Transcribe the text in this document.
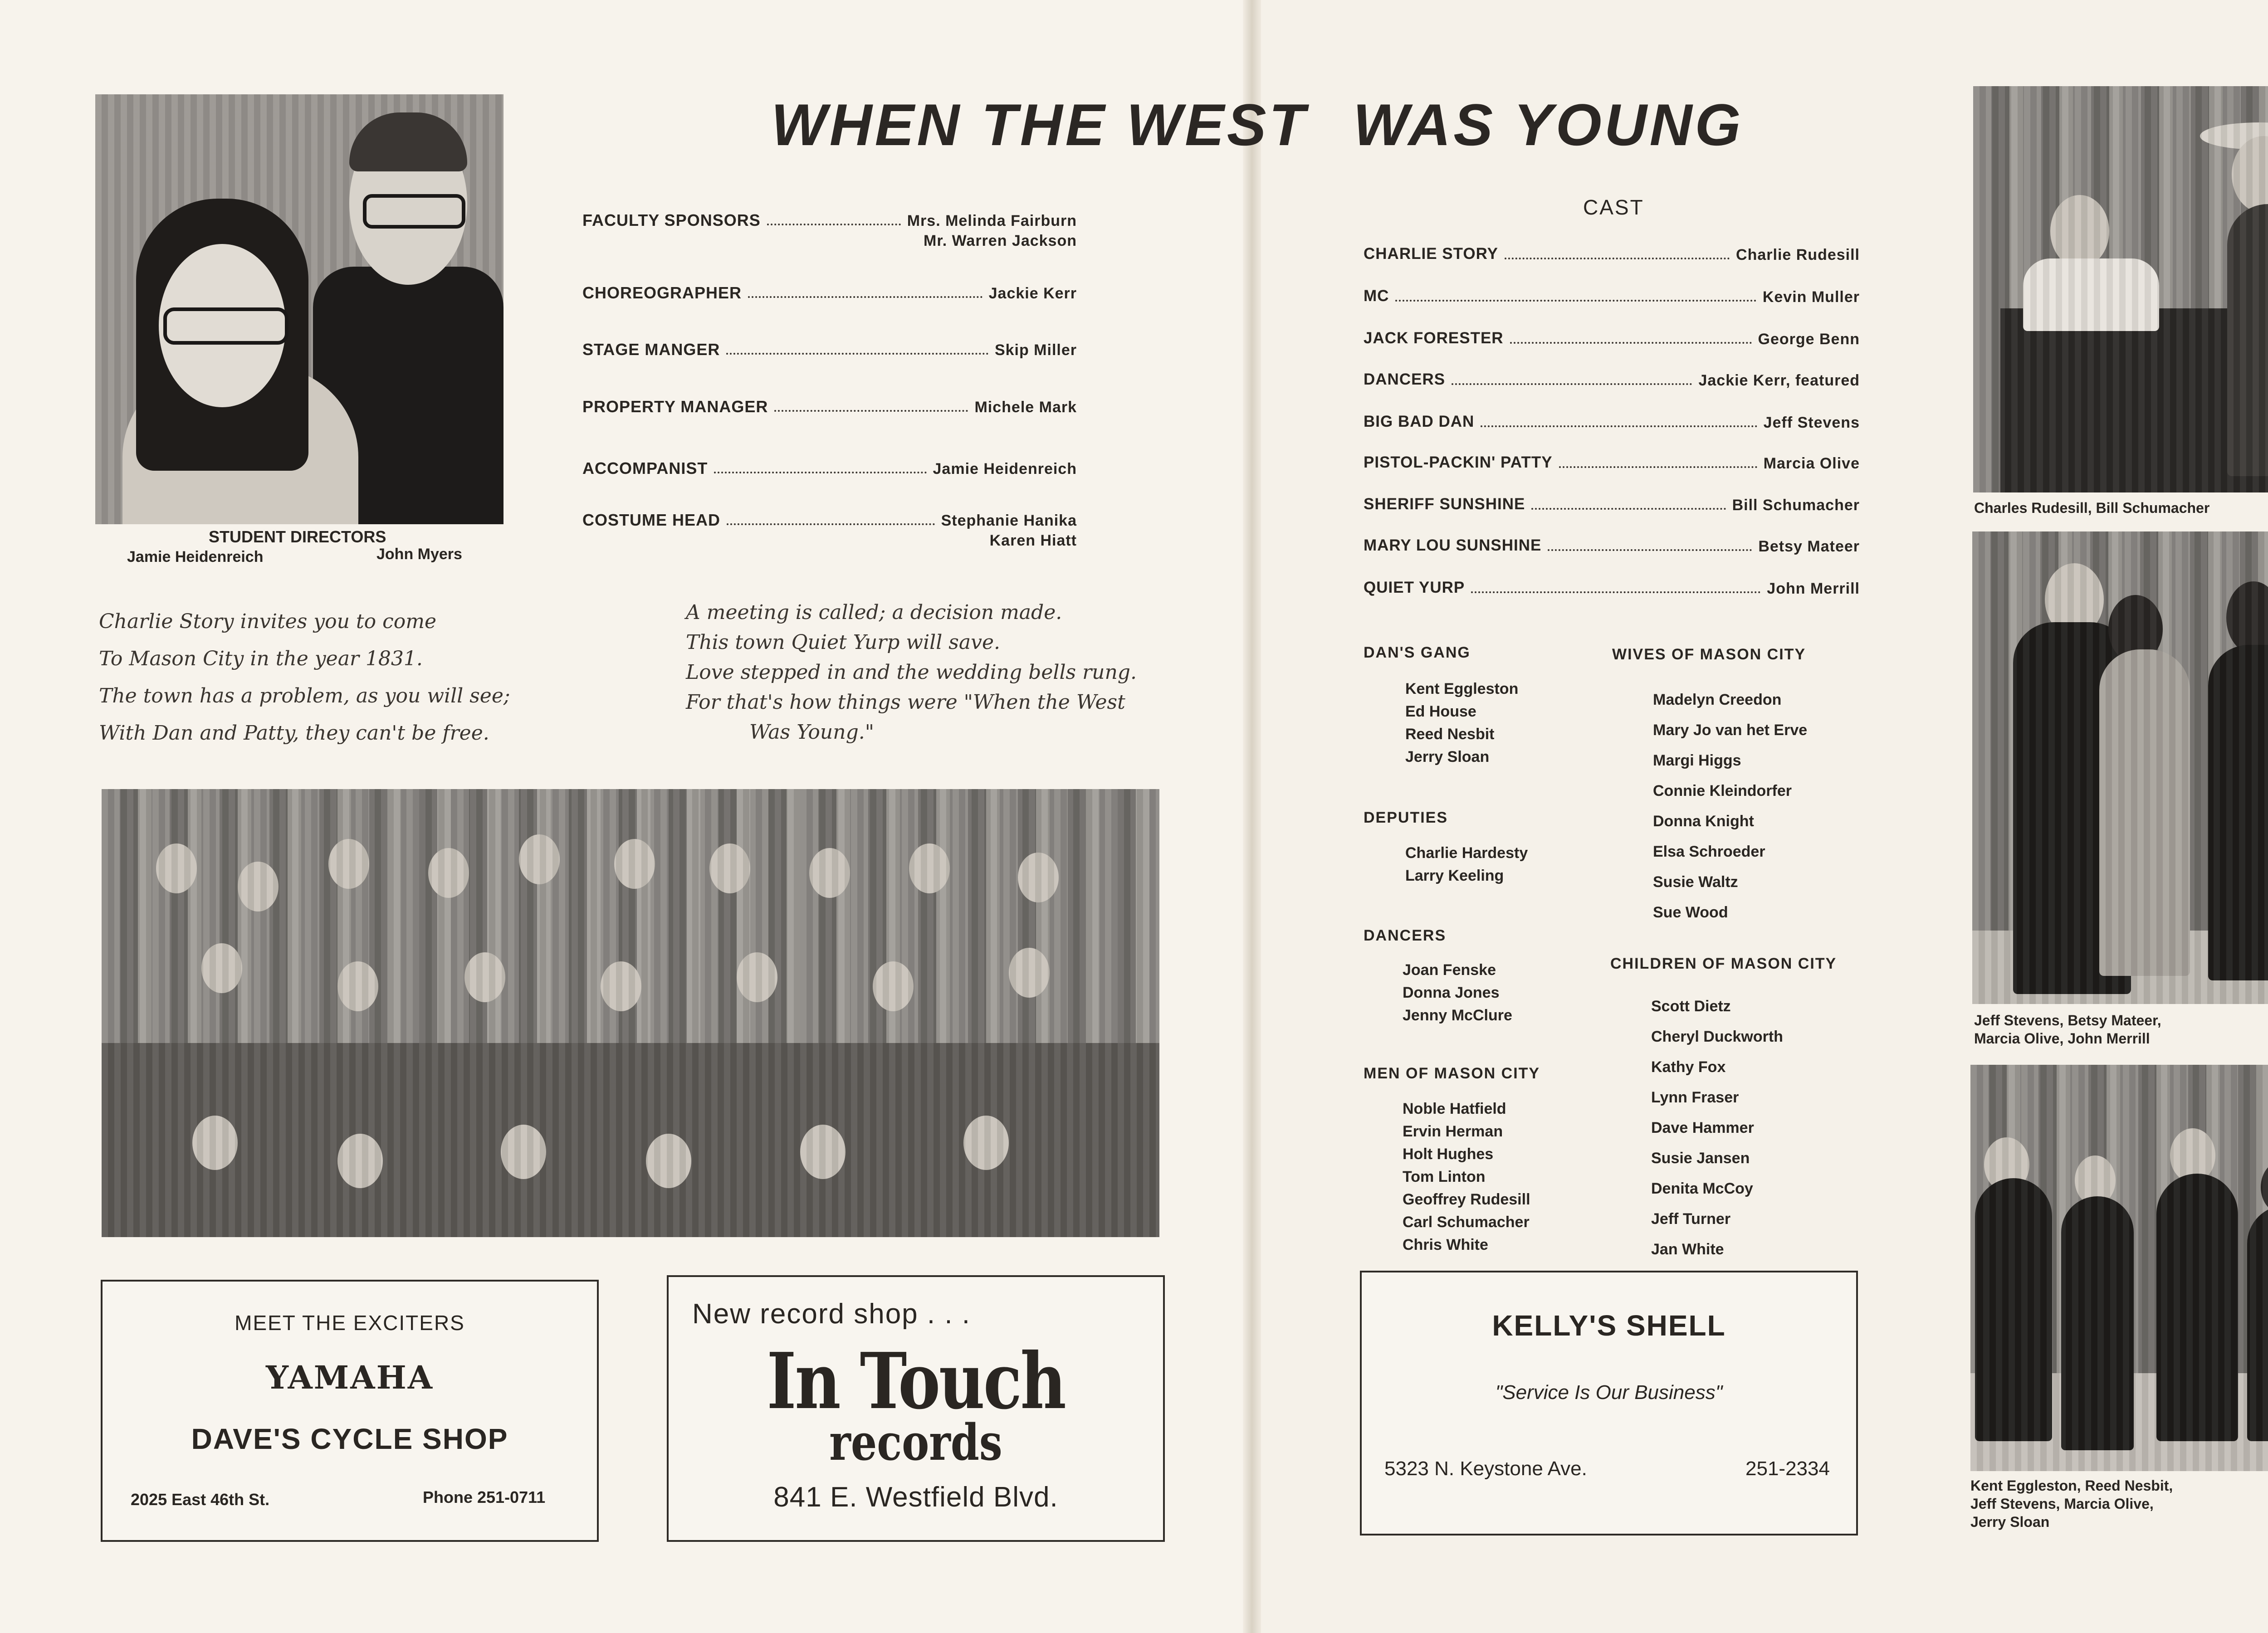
WHEN THE WEST WAS YOUNG
STUDENT DIRECTORS
Jamie Heidenreich	John Myers
FACULTY SPONSORS	Mrs. Melinda Fairburn
Mr. Warren Jackson
CHOREOGRAPHER	Jackie Kerr
STAGE MANGER	Skip Miller
PROPERTY MANAGER	Michele Mark
ACCOMPANIST	Jamie Heidenreich
COSTUME HEAD	Stephanie Hanika
Karen Hiatt
Charlie Story invites you to come
To Mason City in the year 1831.
The town has a problem, as you will see;
With Dan and Patty, they can't be free.
A meeting is called; a decision made.
This town Quiet Yurp will save.
Love stepped in and the wedding bells rung.
For that's how things were "When the West
Was Young."
MEET THE EXCITERS
YAMAHA
DAVE'S CYCLE SHOP
2025 East 46th St.	Phone 251-0711
New record shop . . .
In Touch
records
841 E. Westfield Blvd.
CAST
CHARLIE STORY	Charlie Rudesill
MC	Kevin Muller
JACK FORESTER	George Benn
DANCERS	Jackie Kerr, featured
BIG BAD DAN	Jeff Stevens
PISTOL-PACKIN' PATTY	Marcia Olive
SHERIFF SUNSHINE	Bill Schumacher
MARY LOU SUNSHINE	Betsy Mateer
QUIET YURP	John Merrill
DAN'S GANG
Kent Eggleston
Ed House
Reed Nesbit
Jerry Sloan
DEPUTIES
Charlie Hardesty
Larry Keeling
DANCERS
Joan Fenske
Donna Jones
Jenny McClure
MEN OF MASON CITY
Noble Hatfield
Ervin Herman
Holt Hughes
Tom Linton
Geoffrey Rudesill
Carl Schumacher
Chris White
WIVES OF MASON CITY
Madelyn Creedon
Mary Jo van het Erve
Margi Higgs
Connie Kleindorfer
Donna Knight
Elsa Schroeder
Susie Waltz
Sue Wood
CHILDREN OF MASON CITY
Scott Dietz
Cheryl Duckworth
Kathy Fox
Lynn Fraser
Dave Hammer
Susie Jansen
Denita McCoy
Jeff Turner
Jan White
KELLY'S SHELL
"Service Is Our Business"
5323 N. Keystone Ave.	251-2334
Charles Rudesill, Bill Schumacher
Jeff Stevens, Betsy Mateer,
Marcia Olive, John Merrill
Kent Eggleston, Reed Nesbit,
Jeff Stevens, Marcia Olive,
Jerry Sloan
